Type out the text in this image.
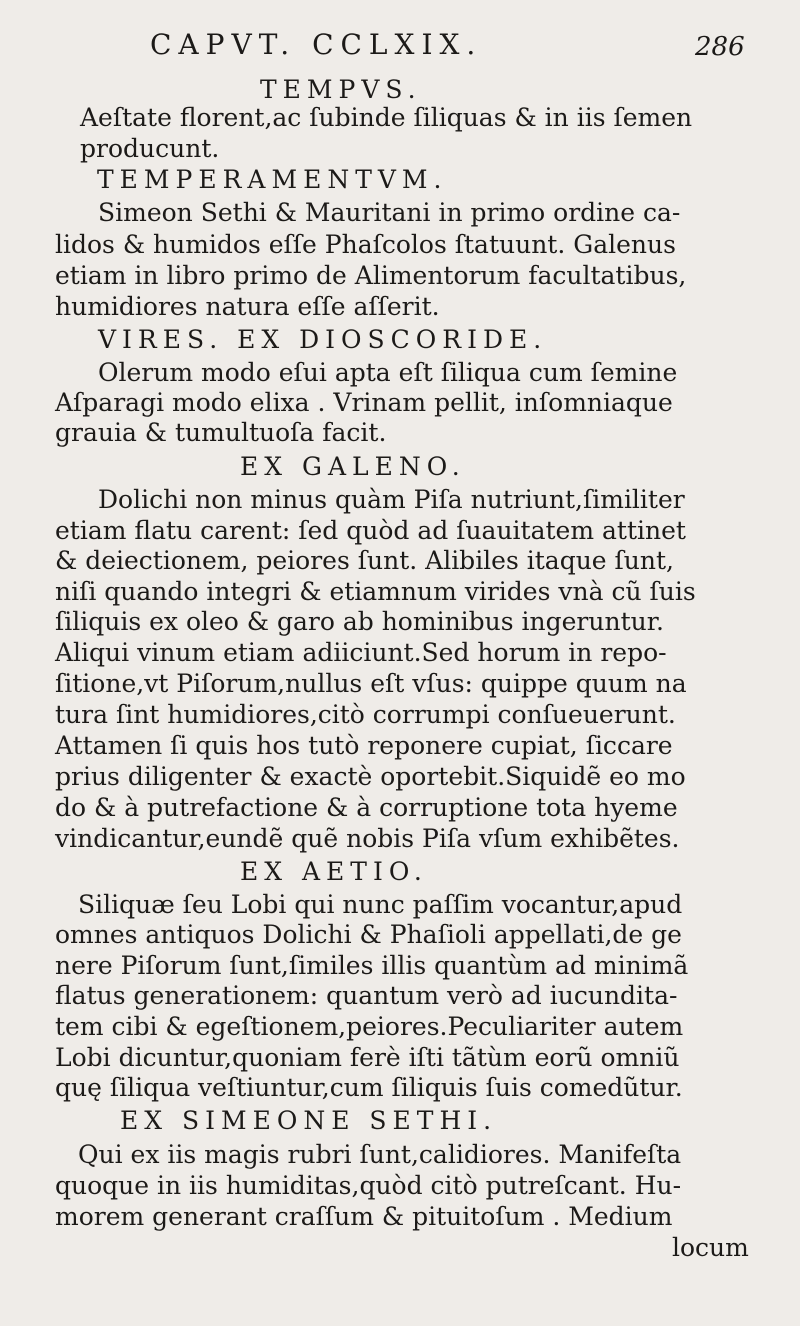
CAPVT. CCLXIX.	286
TEMPVS.
Aeſtate florent,ac ſubinde ſiliquas & in iis ſemen
producunt.
TEMPERAMENTVM.
Simeon Sethi & Mauritani in primo ordine ca-
lidos & humidos eſſe Phaſcolos ſtatuunt. Galenus
etiam in libro primo de Alimentorum facultatibus,
humidiores natura eſſe aſſerit.
VIRES. EX DIOSCORIDE.
Olerum modo eſui apta eſt ſiliqua cum ſemine
Aſparagi modo elixa . Vrinam pellit, inſomniaque
grauia & tumultuoſa facit.
EX GALENO.
Dolichi non minus quàm Piſa nutriunt,ſimiliter
etiam flatu carent: ſed quòd ad ſuauitatem attinet
& deiectionem, peiores ſunt. Alibiles itaque ſunt,
niſi quando integri & etiamnum virides vnà cũ ſuis
ſiliquis ex oleo & garo ab hominibus ingeruntur.
Aliqui vinum etiam adiiciunt.Sed horum in repo-
ſitione,vt Piſorum,nullus eſt vſus: quippe quum na
tura ſint humidiores,citò corrumpi conſueuerunt.
Attamen ſi quis hos tutò reponere cupiat, ſiccare
prius diligenter & exactè oportebit.Siquidẽ eo mo
do & à putrefactione & à corruptione tota hyeme
vindicantur,eundẽ quẽ nobis Piſa vſum exhibẽtes.
EX AETIO.
Siliquæ ſeu Lobi qui nunc paſſim vocantur,apud
omnes antiquos Dolichi & Phaſioli appellati,de ge
nere Piſorum ſunt,ſimiles illis quantùm ad minimã
flatus generationem: quantum verò ad iucundita-
tem cibi & egeſtionem,peiores.Peculiariter autem
Lobi dicuntur,quoniam ferè iſti tãtùm eorũ omniũ
quę ſiliqua veſtiuntur,cum ſiliquis ſuis comedũtur.
EX SIMEONE SETHI.
Qui ex iis magis rubri ſunt,calidiores. Manifeſta
quoque in iis humiditas,quòd citò putreſcant. Hu-
morem generant craſſum & pituitoſum . Medium
locum
